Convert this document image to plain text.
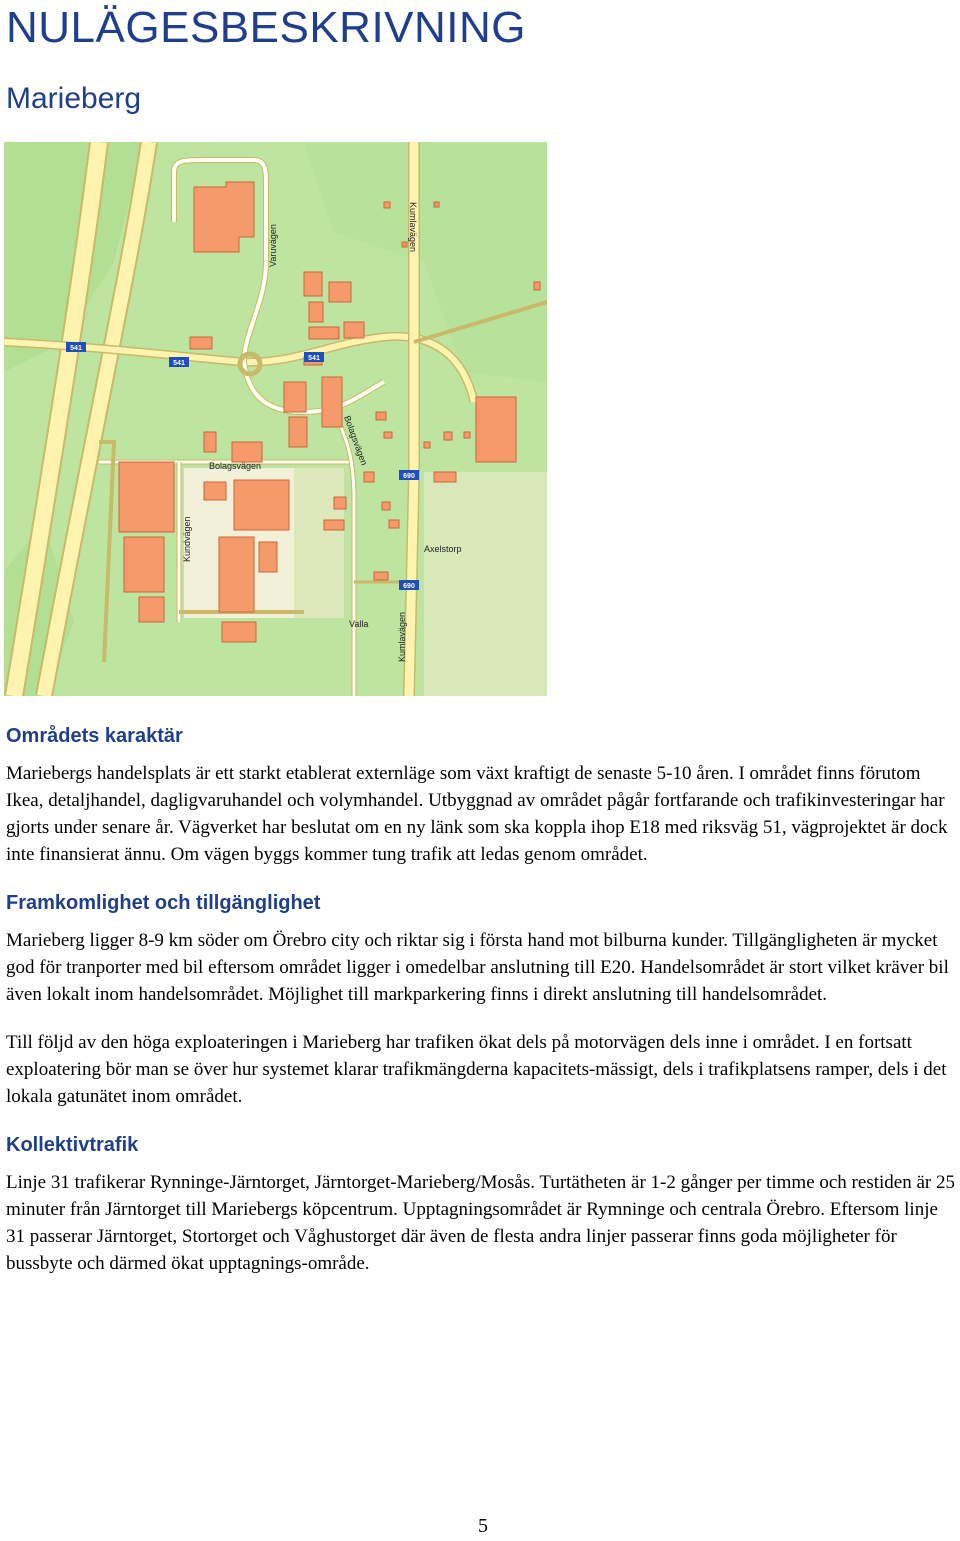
NULÄGESBESKRIVNING
Marieberg
541
541
541
690
690
Kumlavägen
Varuvägen
Bolagsvägen
Bolagsvägen
Kundvägen	Axelstorp
Valla	Kumlavägen
Områdets karaktär

Mariebergs handelsplats är ett starkt etablerat externläge som växt kraftigt de senaste 5-10 åren. I området finns förutom Ikea, detaljhandel, dagligvaruhandel och volymhandel. Utbyggnad av området pågår fortfarande och trafikinvesteringar har gjorts under senare år. Vägverket har beslutat om en ny länk som ska koppla ihop E18 med riksväg 51, vägprojektet är dock inte finansierat ännu. Om vägen byggs kommer tung trafik att ledas genom området.

Framkomlighet och tillgänglighet

Marieberg ligger 8-9 km söder om Örebro city och riktar sig i första hand mot bilburna kunder. Tillgängligheten är mycket god för tranporter med bil eftersom området ligger i omedelbar anslutning till E20. Handelsområdet är stort vilket kräver bil även lokalt inom handelsområdet. Möjlighet till markparkering finns i direkt anslutning till handelsområdet.

Till följd av den höga exploateringen i Marieberg har trafiken ökat dels på motorvägen dels inne i området. I en fortsatt exploatering bör man se över hur systemet klarar trafikmängderna kapacitets-mässigt, dels i trafikplatsens ramper, dels i det lokala gatunätet inom området.

Kollektivtrafik

Linje 31 trafikerar Rynninge-Järntorget, Järntorget-Marieberg/Mosås. Turtätheten är 1-2 gånger per timme och restiden är 25 minuter från Järntorget till Mariebergs köpcentrum. Upptagningsområdet är Rymninge och centrala Örebro. Eftersom linje 31 passerar Järntorget, Stortorget och Våghustorget där även de flesta andra linjer passerar finns goda möjligheter för bussbyte och därmed ökat upptagnings-område.

5
